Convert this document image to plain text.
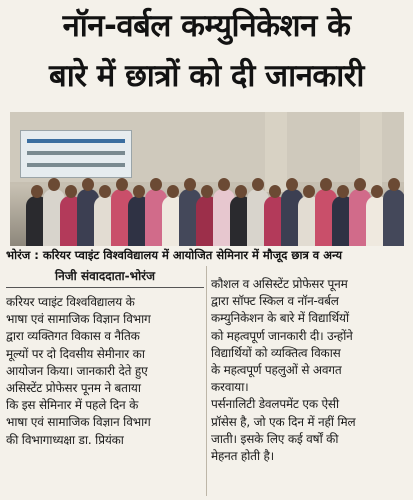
नॉन-वर्बल कम्युनिकेशन के
बारे में छात्रों को दी जानकारी
भोरंज : करियर प्वाइंट विश्वविद्यालय में आयोजित सेमिनार में मौजूद छात्र व अन्य
निजी संवाददाता-भोरंज
करियर प्वाइंट विश्वविद्यालय के
भाषा एवं सामाजिक विज्ञान विभाग
द्वारा व्यक्तिगत विकास व नैतिक
मूल्यों पर दो दिवसीय सेमीनार का
आयोजन किया। जानकारी देते हुए
असिस्टेंट प्रोफेसर पूनम ने बताया
कि इस सेमिनार में पहले दिन के
भाषा एवं सामाजिक विज्ञान विभाग
की विभागाध्यक्षा डा. प्रियंका
कौशल व असिस्टेंट प्रोफेसर पूनम
द्वारा सॉफ्ट स्किल व नॉन-वर्बल
कम्युनिकेशन के बारे में विद्यार्थियों
को महत्वपूर्ण जानकारी दी। उन्होंने
विद्यार्थियों को व्यक्तित्व विकास
के महत्वपूर्ण पहलुओं से अवगत
करवाया।
पर्सनालिटी डेवलपमेंट एक ऐसी
प्रॉसेस है, जो एक दिन में नहीं मिल
जाती। इसके लिए कई वर्षों की
मेहनत होती है।
